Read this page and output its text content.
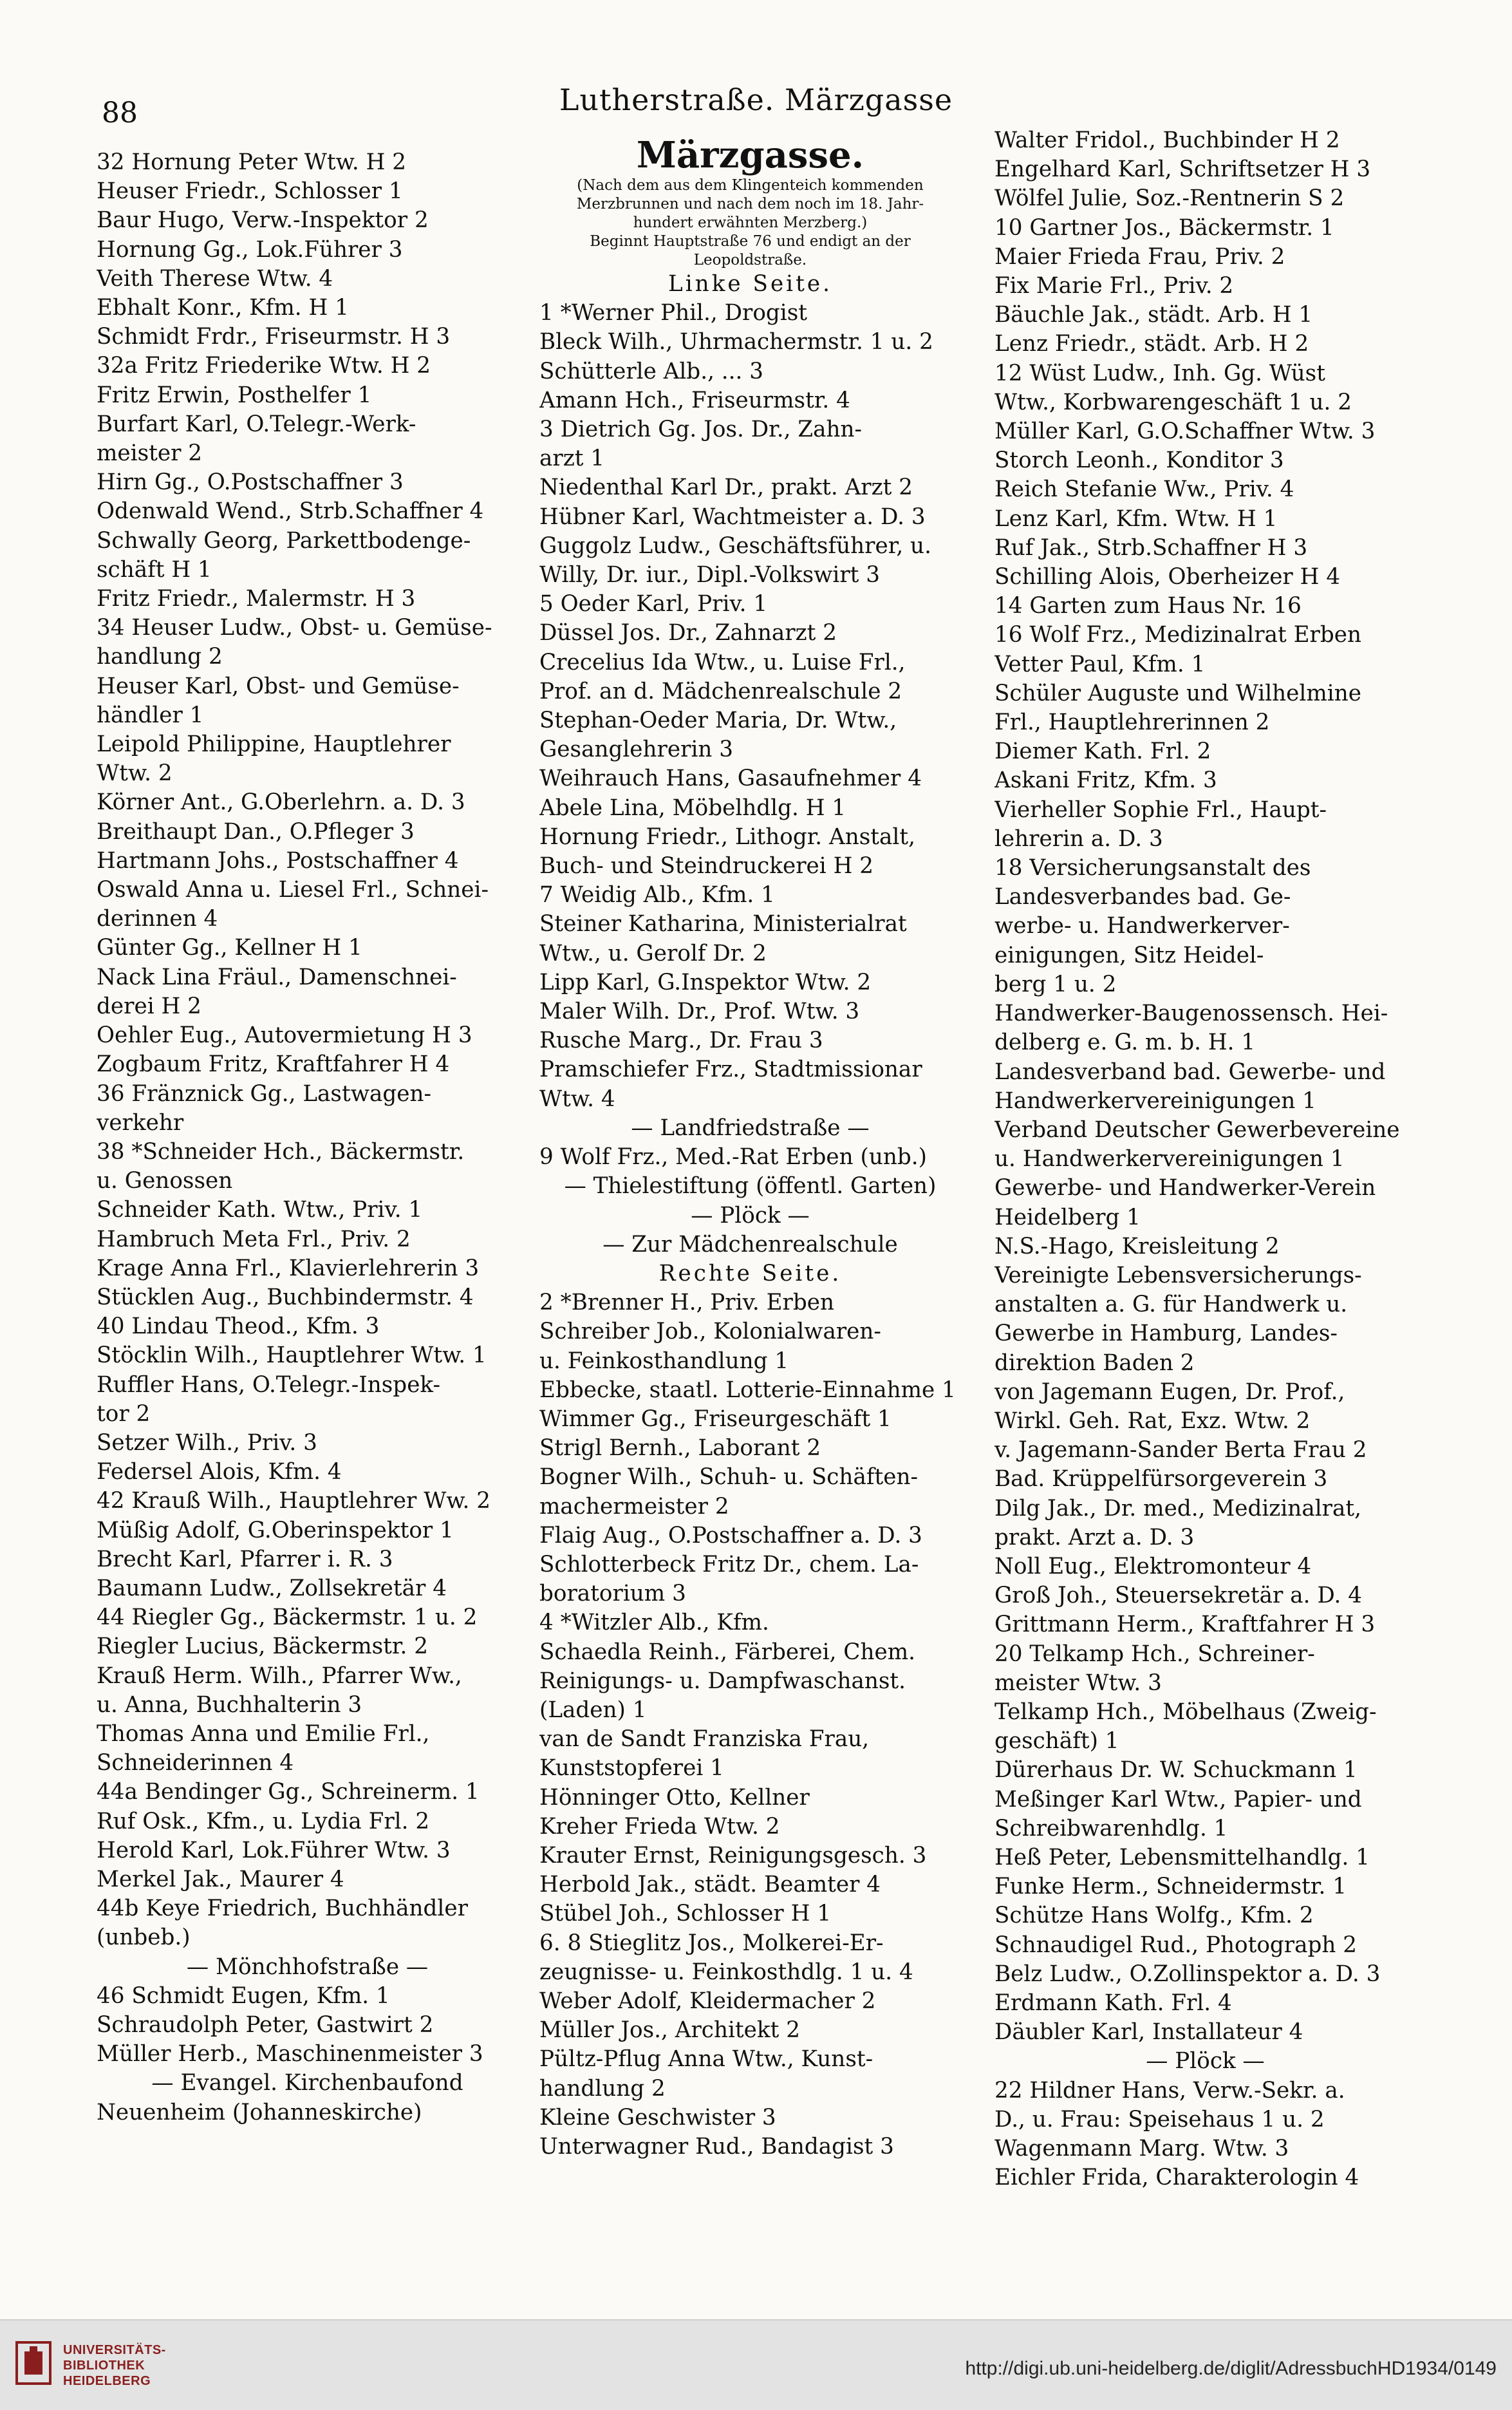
88	Lutherstraße. Märzgasse
32 Hornung Peter Wtw. H 2
Heuser Friedr., Schlosser 1
Baur Hugo, Verw.-Inspektor 2
Hornung Gg., Lok.Führer 3
Veith Therese Wtw. 4
Ebhalt Konr., Kfm. H 1
Schmidt Frdr., Friseurmstr. H 3
32a Fritz Friederike Wtw. H 2
Fritz Erwin, Posthelfer 1
Burfart Karl, O.Telegr.-Werk-
meister 2
Hirn Gg., O.Postschaffner 3
Odenwald Wend., Strb.Schaffner 4
Schwally Georg, Parkettbodenge-
schäft H 1
Fritz Friedr., Malermstr. H 3
34 Heuser Ludw., Obst- u. Gemüse-
handlung 2
Heuser Karl, Obst- und Gemüse-
händler 1
Leipold Philippine, Hauptlehrer
Wtw. 2
Körner Ant., G.Oberlehrn. a. D. 3
Breithaupt Dan., O.Pfleger 3
Hartmann Johs., Postschaffner 4
Oswald Anna u. Liesel Frl., Schnei-
derinnen 4
Günter Gg., Kellner H 1
Nack Lina Fräul., Damenschnei-
derei H 2
Oehler Eug., Autovermietung H 3
Zogbaum Fritz, Kraftfahrer H 4
36 Fränznick Gg., Lastwagen-
verkehr
38 *Schneider Hch., Bäckermstr.
u. Genossen
Schneider Kath. Wtw., Priv. 1
Hambruch Meta Frl., Priv. 2
Krage Anna Frl., Klavierlehrerin 3
Stücklen Aug., Buchbindermstr. 4
40 Lindau Theod., Kfm. 3
Stöcklin Wilh., Hauptlehrer Wtw. 1
Ruffler Hans, O.Telegr.-Inspek-
tor 2
Setzer Wilh., Priv. 3
Federsel Alois, Kfm. 4
42 Krauß Wilh., Hauptlehrer Ww. 2
Müßig Adolf, G.Oberinspektor 1
Brecht Karl, Pfarrer i. R. 3
Baumann Ludw., Zollsekretär 4
44 Riegler Gg., Bäckermstr. 1 u. 2
Riegler Lucius, Bäckermstr. 2
Krauß Herm. Wilh., Pfarrer Ww.,
u. Anna, Buchhalterin 3
Thomas Anna und Emilie Frl.,
Schneiderinnen 4
44a Bendinger Gg., Schreinerm. 1
Ruf Osk., Kfm., u. Lydia Frl. 2
Herold Karl, Lok.Führer Wtw. 3
Merkel Jak., Maurer 4
44b Keye Friedrich, Buchhändler
(unbeb.)
— Mönchhofstraße —
46 Schmidt Eugen, Kfm. 1
Schraudolph Peter, Gastwirt 2
Müller Herb., Maschinenmeister 3
— Evangel. Kirchenbaufond
Neuenheim (Johanneskirche)
Märzgasse.
(Nach dem aus dem Klingenteich kommenden
Merzbrunnen und nach dem noch im 18. Jahr-
hundert erwähnten Merzberg.)
Beginnt Hauptstraße 76 und endigt an der
Leopoldstraße.
Linke Seite.
1 *Werner Phil., Drogist
Bleck Wilh., Uhrmachermstr. 1 u. 2
Schütterle Alb., ... 3
Amann Hch., Friseurmstr. 4
3 Dietrich Gg. Jos. Dr., Zahn-
arzt 1
Niedenthal Karl Dr., prakt. Arzt 2
Hübner Karl, Wachtmeister a. D. 3
Guggolz Ludw., Geschäftsführer, u.
Willy, Dr. iur., Dipl.-Volkswirt 3
5 Oeder Karl, Priv. 1
Düssel Jos. Dr., Zahnarzt 2
Crecelius Ida Wtw., u. Luise Frl.,
Prof. an d. Mädchenrealschule 2
Stephan-Oeder Maria, Dr. Wtw.,
Gesanglehrerin 3
Weihrauch Hans, Gasaufnehmer 4
Abele Lina, Möbelhdlg. H 1
Hornung Friedr., Lithogr. Anstalt,
Buch- und Steindruckerei H 2
7 Weidig Alb., Kfm. 1
Steiner Katharina, Ministerialrat
Wtw., u. Gerolf Dr. 2
Lipp Karl, G.Inspektor Wtw. 2
Maler Wilh. Dr., Prof. Wtw. 3
Rusche Marg., Dr. Frau 3
Pramschiefer Frz., Stadtmissionar
Wtw. 4
— Landfriedstraße —
9 Wolf Frz., Med.-Rat Erben (unb.)
— Thielestiftung (öffentl. Garten)
— Plöck —
— Zur Mädchenrealschule
Rechte Seite.
2 *Brenner H., Priv. Erben
Schreiber Job., Kolonialwaren-
u. Feinkosthandlung 1
Ebbecke, staatl. Lotterie-Einnahme 1
Wimmer Gg., Friseurgeschäft 1
Strigl Bernh., Laborant 2
Bogner Wilh., Schuh- u. Schäften-
machermeister 2
Flaig Aug., O.Postschaffner a. D. 3
Schlotterbeck Fritz Dr., chem. La-
boratorium 3
4 *Witzler Alb., Kfm.
Schaedla Reinh., Färberei, Chem.
Reinigungs- u. Dampfwaschanst.
(Laden) 1
van de Sandt Franziska Frau,
Kunststopferei 1
Hönninger Otto, Kellner
Kreher Frieda Wtw. 2
Krauter Ernst, Reinigungsgesch. 3
Herbold Jak., städt. Beamter 4
Stübel Joh., Schlosser H 1
6. 8 Stieglitz Jos., Molkerei-Er-
zeugnisse- u. Feinkosthdlg. 1 u. 4
Weber Adolf, Kleidermacher 2
Müller Jos., Architekt 2
Pültz-Pflug Anna Wtw., Kunst-
handlung 2
Kleine Geschwister 3
Unterwagner Rud., Bandagist 3
Walter Fridol., Buchbinder H 2
Engelhard Karl, Schriftsetzer H 3
Wölfel Julie, Soz.-Rentnerin S 2
10 Gartner Jos., Bäckermstr. 1
Maier Frieda Frau, Priv. 2
Fix Marie Frl., Priv. 2
Bäuchle Jak., städt. Arb. H 1
Lenz Friedr., städt. Arb. H 2
12 Wüst Ludw., Inh. Gg. Wüst
Wtw., Korbwarengeschäft 1 u. 2
Müller Karl, G.O.Schaffner Wtw. 3
Storch Leonh., Konditor 3
Reich Stefanie Ww., Priv. 4
Lenz Karl, Kfm. Wtw. H 1
Ruf Jak., Strb.Schaffner H 3
Schilling Alois, Oberheizer H 4
14 Garten zum Haus Nr. 16
16 Wolf Frz., Medizinalrat Erben
Vetter Paul, Kfm. 1
Schüler Auguste und Wilhelmine
Frl., Hauptlehrerinnen 2
Diemer Kath. Frl. 2
Askani Fritz, Kfm. 3
Vierheller Sophie Frl., Haupt-
lehrerin a. D. 3
18 Versicherungsanstalt des
Landesverbandes bad. Ge-
werbe- u. Handwerkerver-
einigungen, Sitz Heidel-
berg 1 u. 2
Handwerker-Baugenossensch. Hei-
delberg e. G. m. b. H. 1
Landesverband bad. Gewerbe- und
Handwerkervereinigungen 1
Verband Deutscher Gewerbevereine
u. Handwerkervereinigungen 1
Gewerbe- und Handwerker-Verein
Heidelberg 1
N.S.-Hago, Kreisleitung 2
Vereinigte Lebensversicherungs-
anstalten a. G. für Handwerk u.
Gewerbe in Hamburg, Landes-
direktion Baden 2
von Jagemann Eugen, Dr. Prof.,
Wirkl. Geh. Rat, Exz. Wtw. 2
v. Jagemann-Sander Berta Frau 2
Bad. Krüppelfürsorgeverein 3
Dilg Jak., Dr. med., Medizinalrat,
prakt. Arzt a. D. 3
Noll Eug., Elektromonteur 4
Groß Joh., Steuersekretär a. D. 4
Grittmann Herm., Kraftfahrer H 3
20 Telkamp Hch., Schreiner-
meister Wtw. 3
Telkamp Hch., Möbelhaus (Zweig-
geschäft) 1
Dürerhaus Dr. W. Schuckmann 1
Meßinger Karl Wtw., Papier- und
Schreibwarenhdlg. 1
Heß Peter, Lebensmittelhandlg. 1
Funke Herm., Schneidermstr. 1
Schütze Hans Wolfg., Kfm. 2
Schnaudigel Rud., Photograph 2
Belz Ludw., O.Zollinspektor a. D. 3
Erdmann Kath. Frl. 4
Däubler Karl, Installateur 4
— Plöck —
22 Hildner Hans, Verw.-Sekr. a.
D., u. Frau: Speisehaus 1 u. 2
Wagenmann Marg. Wtw. 3
Eichler Frida, Charakterologin 4
UNIVERSITÄTS-
BIBLIOTHEK
HEIDELBERG
http://digi.ub.uni-heidelberg.de/diglit/AdressbuchHD1934/0149
